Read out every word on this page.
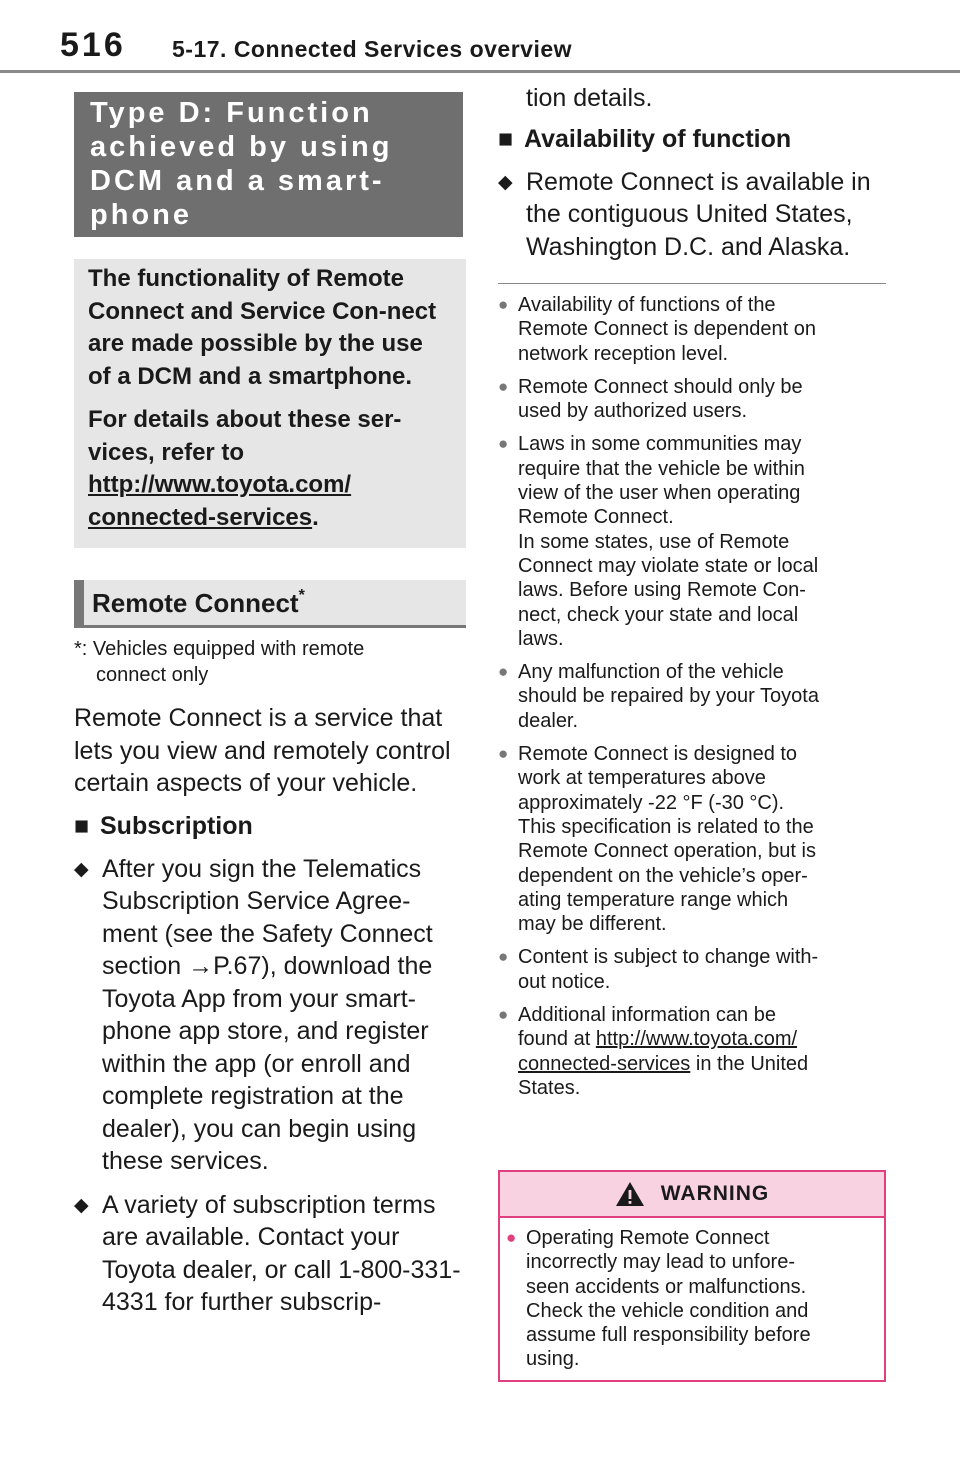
516 5-17. Connected Services overview
Type D: Function achieved by using DCM and a smart-phone

The functionality of Remote Connect and Service Con-nect are made possible by the use of a DCM and a smartphone.

For details about these ser-vices, refer to
http://www.toyota.com/
connected-services.

Remote Connect*
*: Vehicles equipped with remote
connect only
Remote Connect is a service that lets you view and remotely control certain aspects of your vehicle.
■ Subscription
◆ After you sign the Telematics Subscription Service Agree-ment (see the Safety Connect section →P.67), download the Toyota App from your smart-phone app store, and register within the app (or enroll and complete registration at the dealer), you can begin using these services.
◆ A variety of subscription terms are available. Contact your Toyota dealer, or call 1-800-331-4331 for further subscrip-
tion details.
■ Availability of function
◆ Remote Connect is available in the contiguous United States, Washington D.C. and Alaska.
● Availability of functions of the
Remote Connect is dependent on
network reception level.
● Remote Connect should only be
used by authorized users.
● Laws in some communities may
require that the vehicle be within
view of the user when operating
Remote Connect.
In some states, use of Remote
Connect may violate state or local
laws. Before using Remote Con-
nect, check your state and local
laws.
● Any malfunction of the vehicle
should be repaired by your Toyota
dealer.
● Remote Connect is designed to
work at temperatures above
approximately -22 °F (-30 °C).
This specification is related to the
Remote Connect operation, but is
dependent on the vehicle’s oper-
ating temperature range which
may be different.
● Content is subject to change with-
out notice.
● Additional information can be
found at http://www.toyota.com/
connected-services in the United
States.
WARNING
● Operating Remote Connect
incorrectly may lead to unfore-
seen accidents or malfunctions.
Check the vehicle condition and
assume full responsibility before
using.
